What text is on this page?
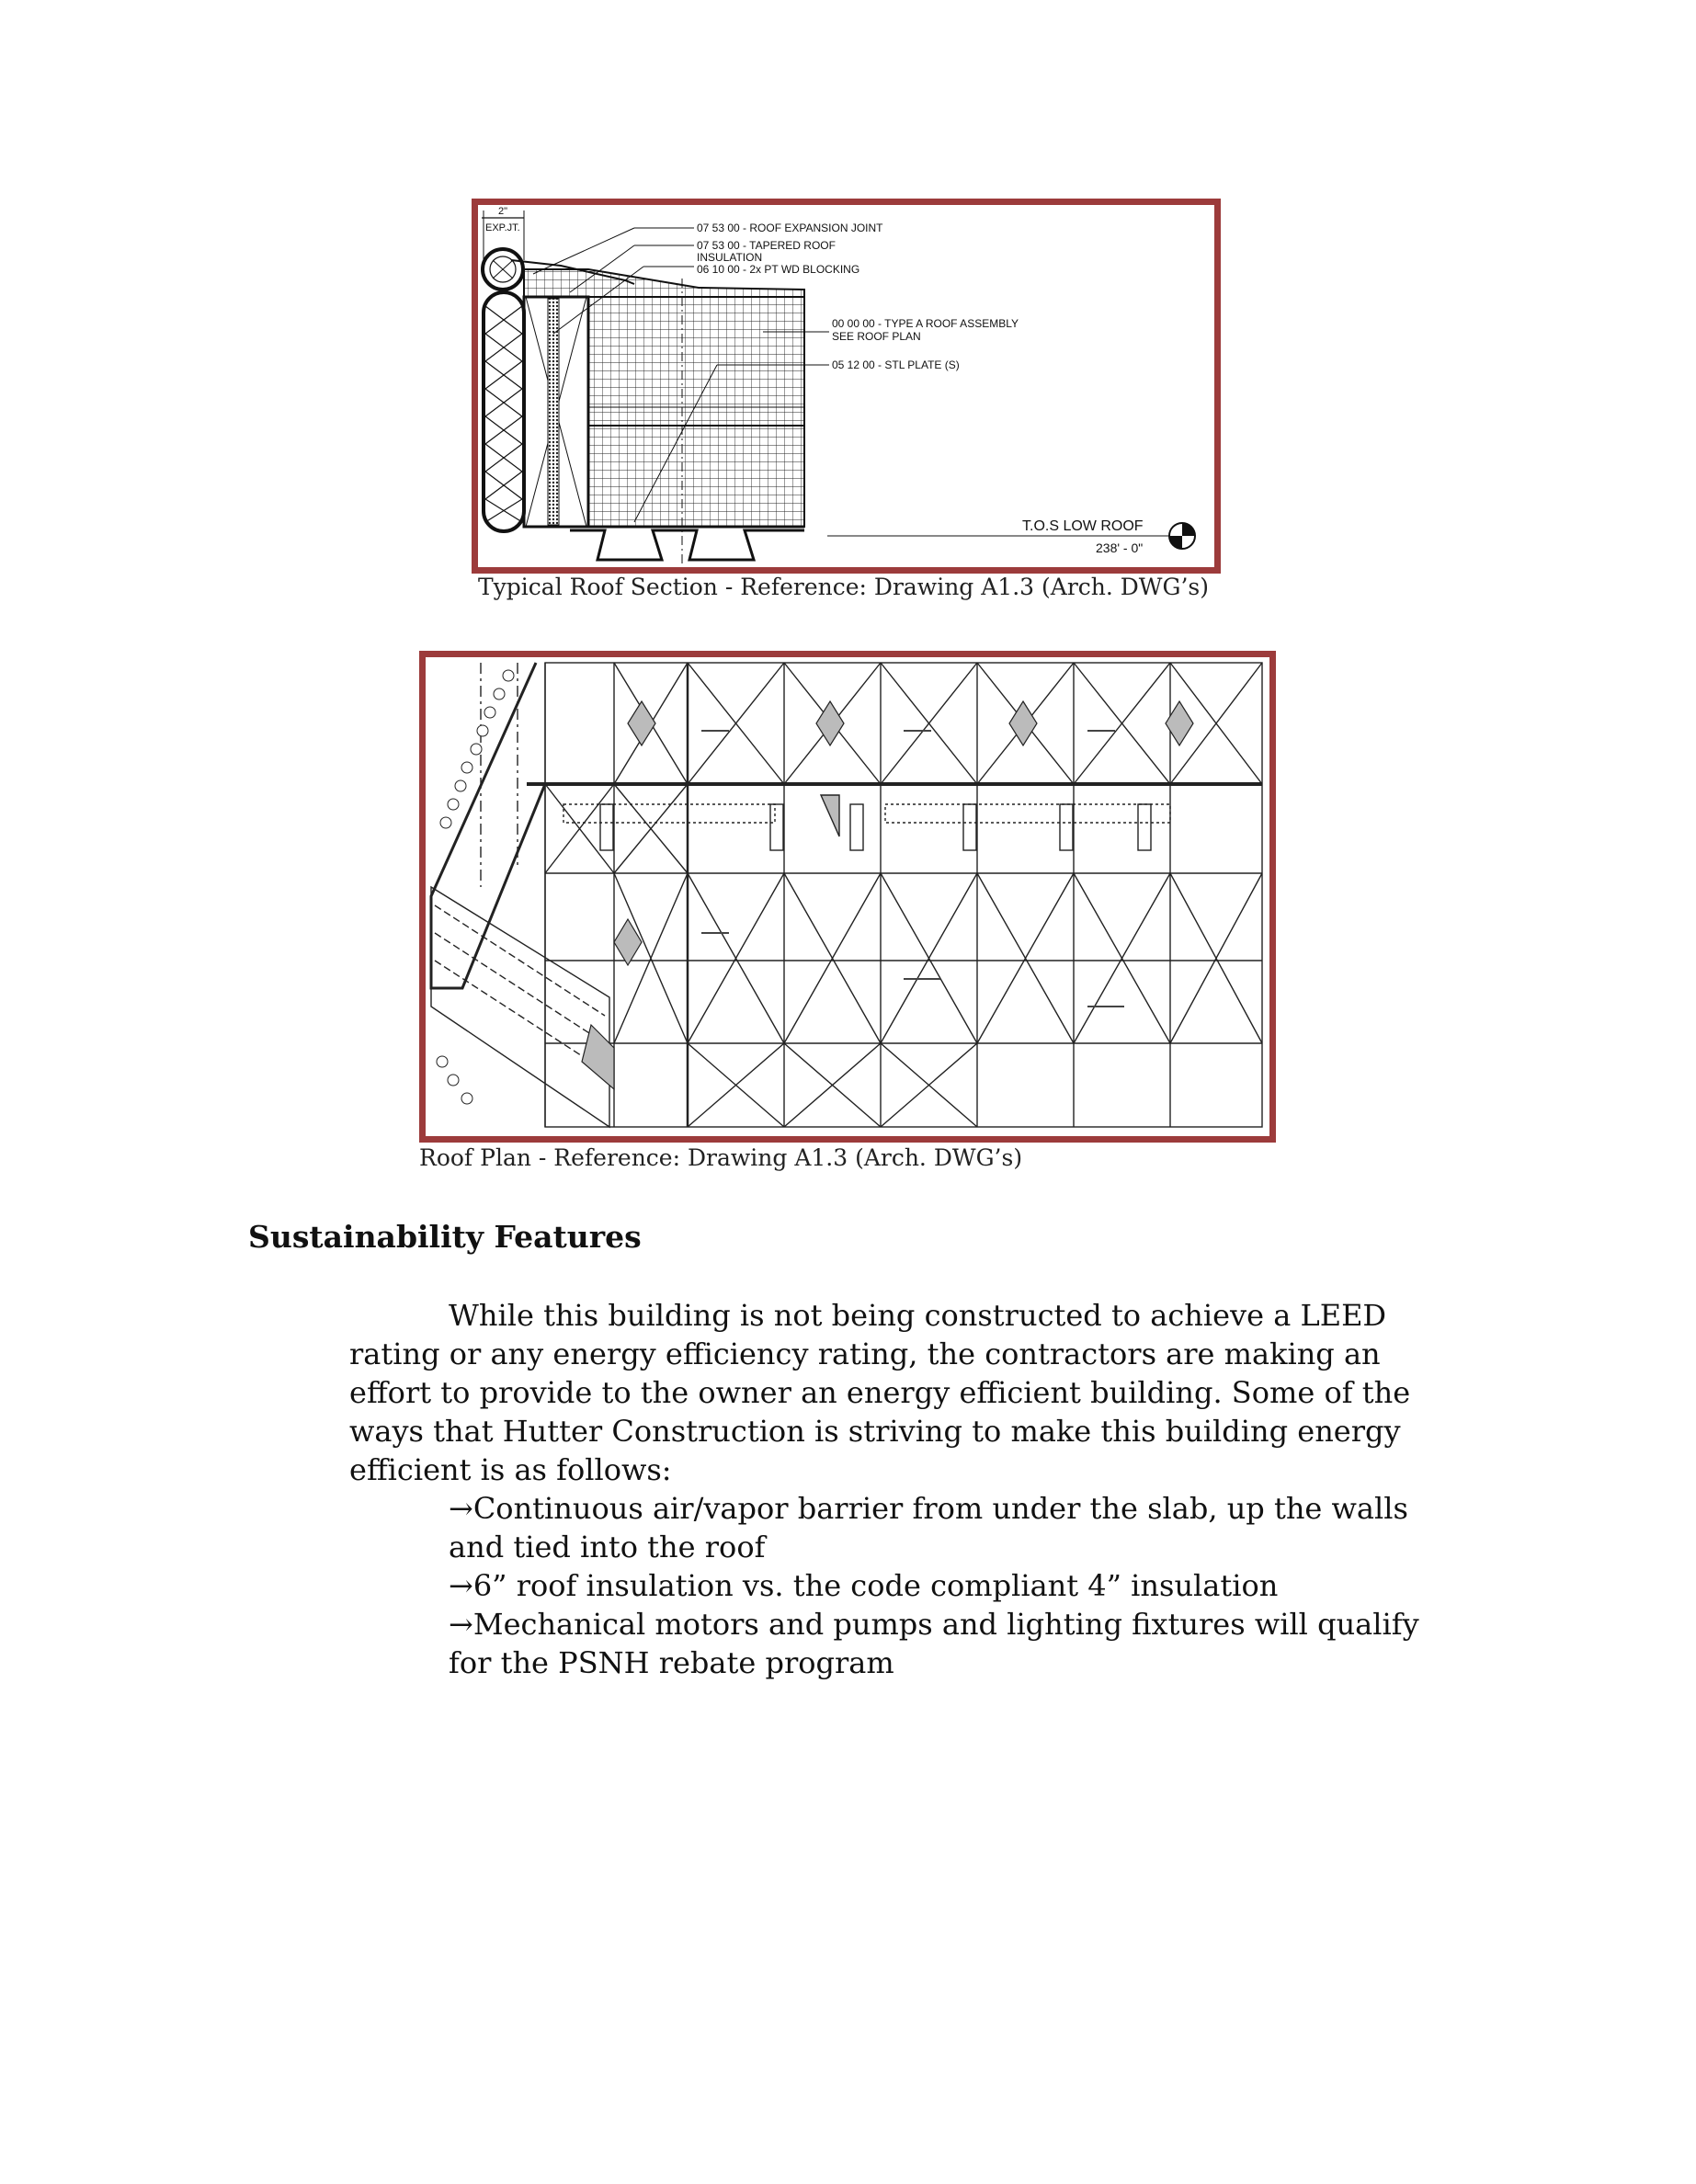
2"
EXP.JT.	07 53 00 - ROOF EXPANSION JOINT
07 53 00 - TAPERED ROOF
INSULATION
06 10 00 - 2x PT WD BLOCKING
00 00 00 - TYPE A ROOF ASSEMBLY
SEE ROOF PLAN
05 12 00 - STL PLATE (S)
T.O.S LOW ROOF
238' - 0"
Typical Roof Section - Reference: Drawing A1.3 (Arch. DWG’s)
Roof Plan - Reference: Drawing A1.3 (Arch. DWG’s)
Sustainability Features
While this building is not being constructed to achieve a LEED rating or any energy efficiency rating, the contractors are making an effort to provide to the owner an energy efficient building. Some of the ways that Hutter Construction is striving to make this building energy efficient is as follows:

→Continuous air/vapor barrier from under the slab, up the walls and tied into the roof

→6” roof insulation vs. the code compliant 4” insulation

→Mechanical motors and pumps and lighting fixtures will qualify for the PSNH rebate program
